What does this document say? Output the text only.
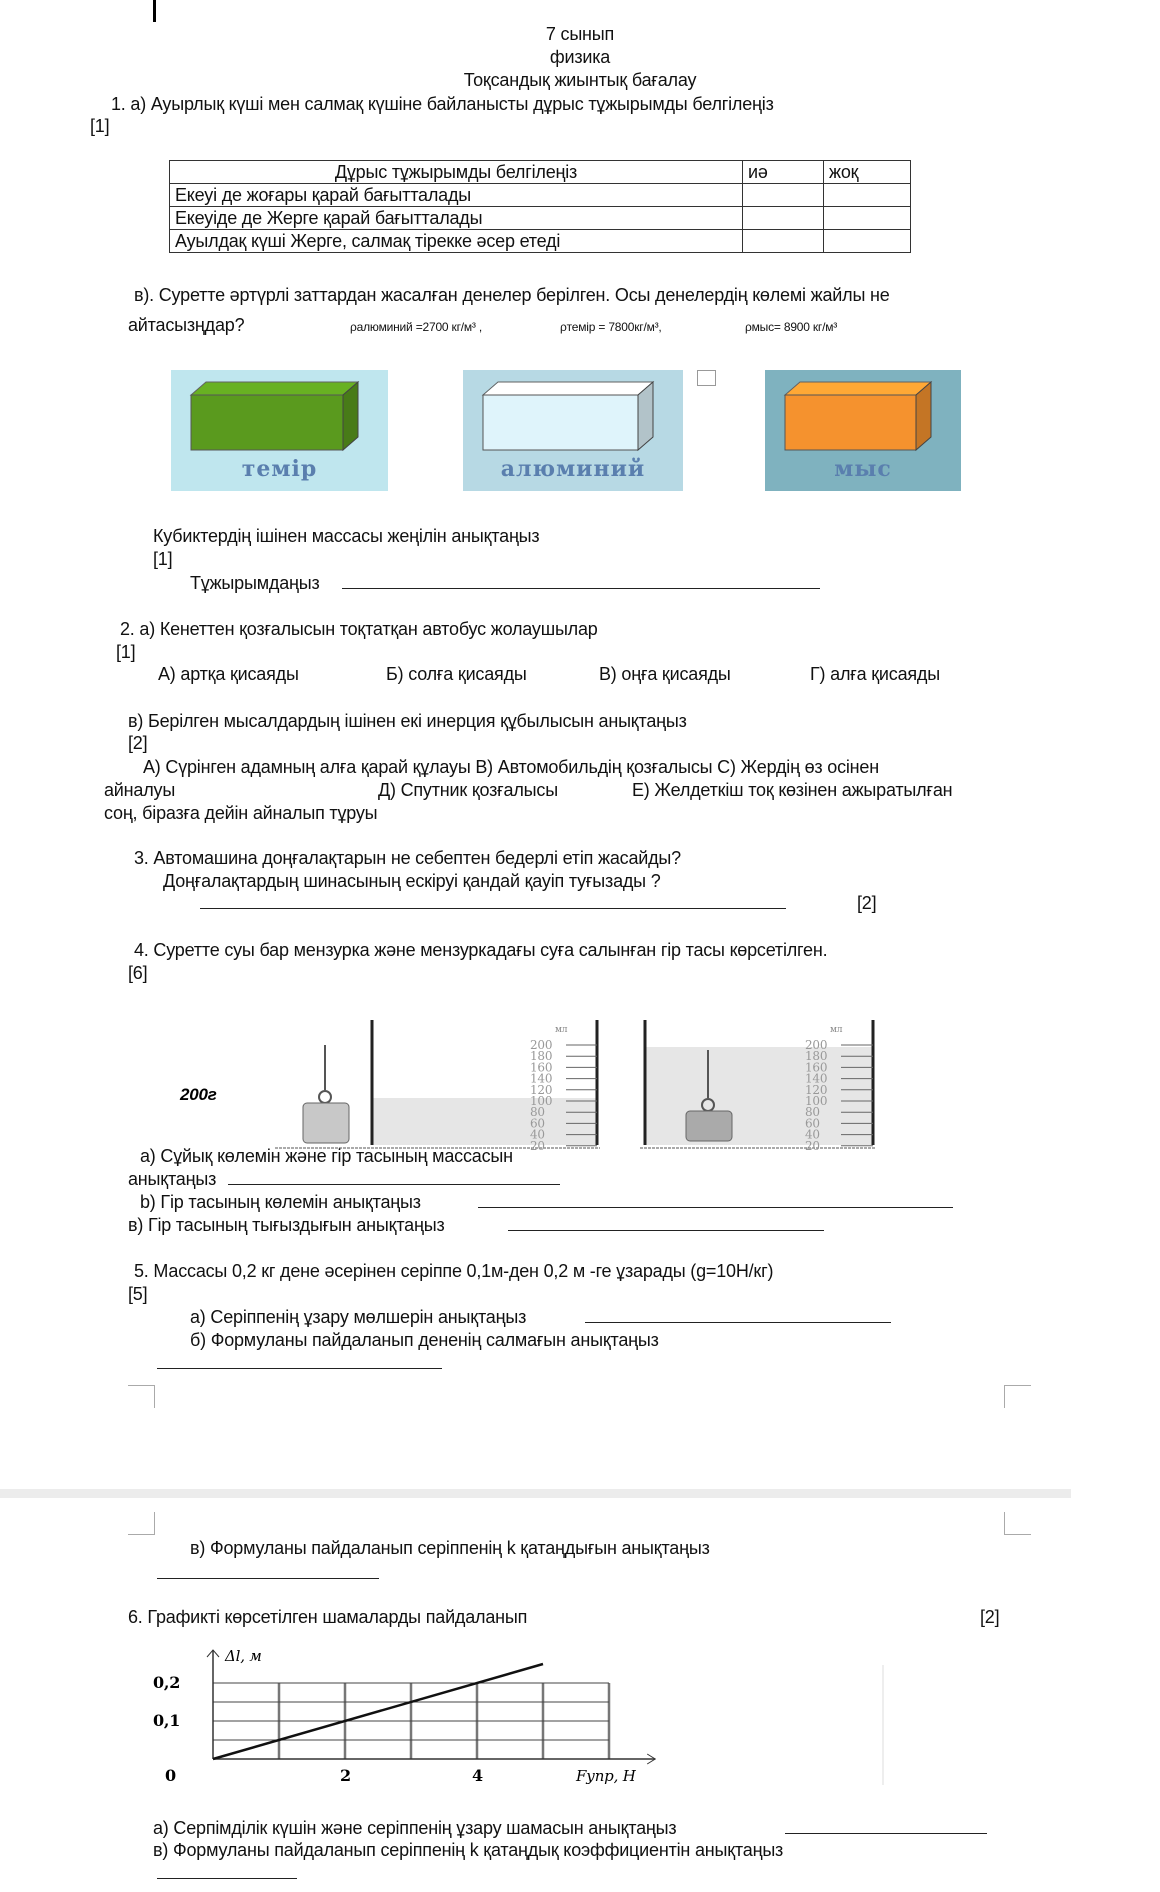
7 сынып
физика
Тоқсандық жиынтық бағалау
1. а) Ауырлық күші мен салмақ күшіне байланысты дұрыс тұжырымды белгілеңіз
[1]
Дұрыс тұжырымды белгілеңіз	иә	жоқ
Екеуі де жоғары қарай бағытталады		
Екеуіде де Жерге қарай бағытталады		
Ауылдақ күші Жерге, салмақ тірекке әсер етеді		
в). Суретте әртүрлі заттардан жасалған денелер берілген. Осы денелердің көлемі жайлы не
айтасызңдар?	ρалюминий =2700 кг/м³ ,	ρтемір = 7800кг/м³,	ρмыс= 8900 кг/м³
темір	алюминий	мыс
Кубиктердің ішінен массасы жеңілін анықтаңыз
[1]
Тұжырымдаңыз
2. а) Кенеттен қозғалысын тоқтатқан автобус жолаушылар
[1]
А) артқа қисаяды	Б) солға қисаяды	В) оңға қисаяды	Г) алға қисаяды
в) Берілген мысалдардың ішінен екі инерция құбылысын анықтаңыз
[2]
А) Сүрінген адамның алға қарай құлауы В) Автомобильдің қозғалысы С) Жердің өз осінен
айналуы	Д) Спутник қозғалысы	Е) Желдеткіш тоқ көзінен ажыратылған
соң, біразға дейін айналып тұруы
3. Автомашина доңғалақтарын не себептен бедерлі етіп жасайды?
Доңғалақтардың шинасының ескіруі қандай қауіп туғызады ?
[2]
4. Суретте суы бар мензурка және мензуркадағы суға салынған гір тасы көрсетілген.
[6]
200г
мл
200
180
160
140
120
100
80
60
40
20
мл
200
180
160
140
120
100
80
60
40
20
а) Сұйық көлемін және гір тасының массасын
анықтаңыз
b) Гір тасының көлемін анықтаңыз
в) Гір тасының тығыздығын анықтаңыз
5. Массасы 0,2 кг дене әсерінен серіппе 0,1м-ден 0,2 м -ге ұзарады (g=10Н/кг)
[5]
а) Серіппенің ұзару мөлшерін анықтаңыз
б) Формуланы пайдаланып дененің салмағын анықтаңыз
в) Формуланы пайдаланып серіппенің k қатаңдығын анықтаңыз
6. Графикті көрсетілген шамаларды пайдаланып	[2]
0	2	4
0,1
0,2
Δl, м
Fупр, Н
а) Серпімділік күшін және серіппенің ұзару шамасын анықтаңыз
в) Формуланы пайдаланып серіппенің k қатаңдық коэффициентін анықтаңыз
